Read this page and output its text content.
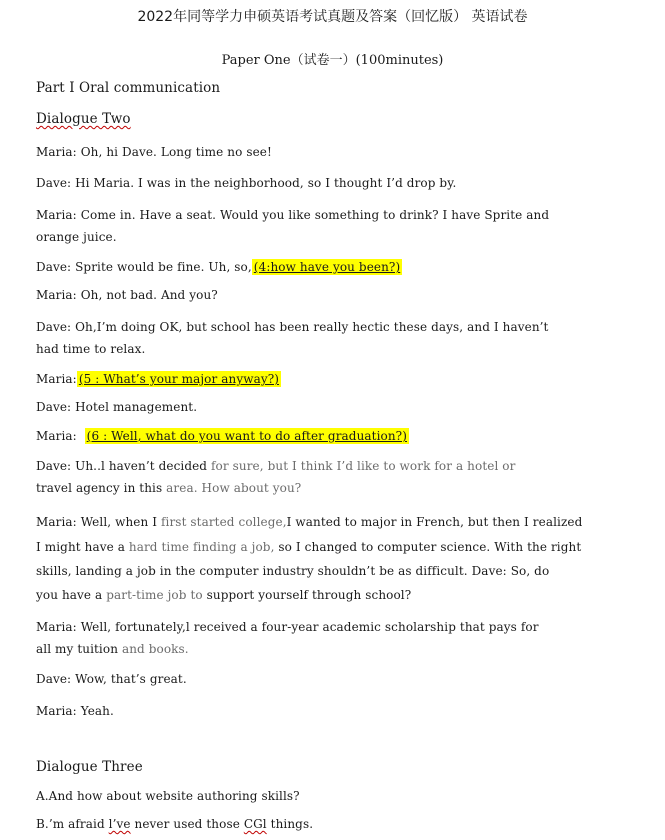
2022年同等学力申硕英语考试真题及答案（回忆版） 英语试卷
Paper One（试卷一）(100minutes)
Part I Oral communication
Dialogue Two
Maria: Oh, hi Dave. Long time no see!
Dave: Hi Maria. I was in the neighborhood, so I thought I’d drop by.
Maria: Come in. Have a seat. Would you like something to drink? I have Sprite and
orange juice.
Dave: Sprite would be fine. Uh, so, (4:how have you been?)
Maria: Oh, not bad. And you?
Dave: Oh,I’m doing OK, but school has been really hectic these days, and I haven’t
had time to relax.
Maria: (5 : What’s your major anyway?)
Dave: Hotel management.
Maria: (6 : Well, what do you want to do after graduation?)
Dave: Uh..l haven’t decided for sure, but I think I’d like to work for a hotel or
travel agency in this area. How about you?
Maria: Well, when I first started college,I wanted to major in French, but then I realized
I might have a hard time finding a job, so I changed to computer science. With the right
skills, landing a job in the computer industry shouldn’t be as difficult. Dave: So, do
you have a part-time job to support yourself through school?
Maria: Well, fortunately,l received a four-year academic scholarship that pays for
all my tuition and books.
Dave: Wow, that’s great.
Maria: Yeah.
Dialogue Three
A.And how about website authoring skills?
B.’m afraid l’ve never used those CGl things.
